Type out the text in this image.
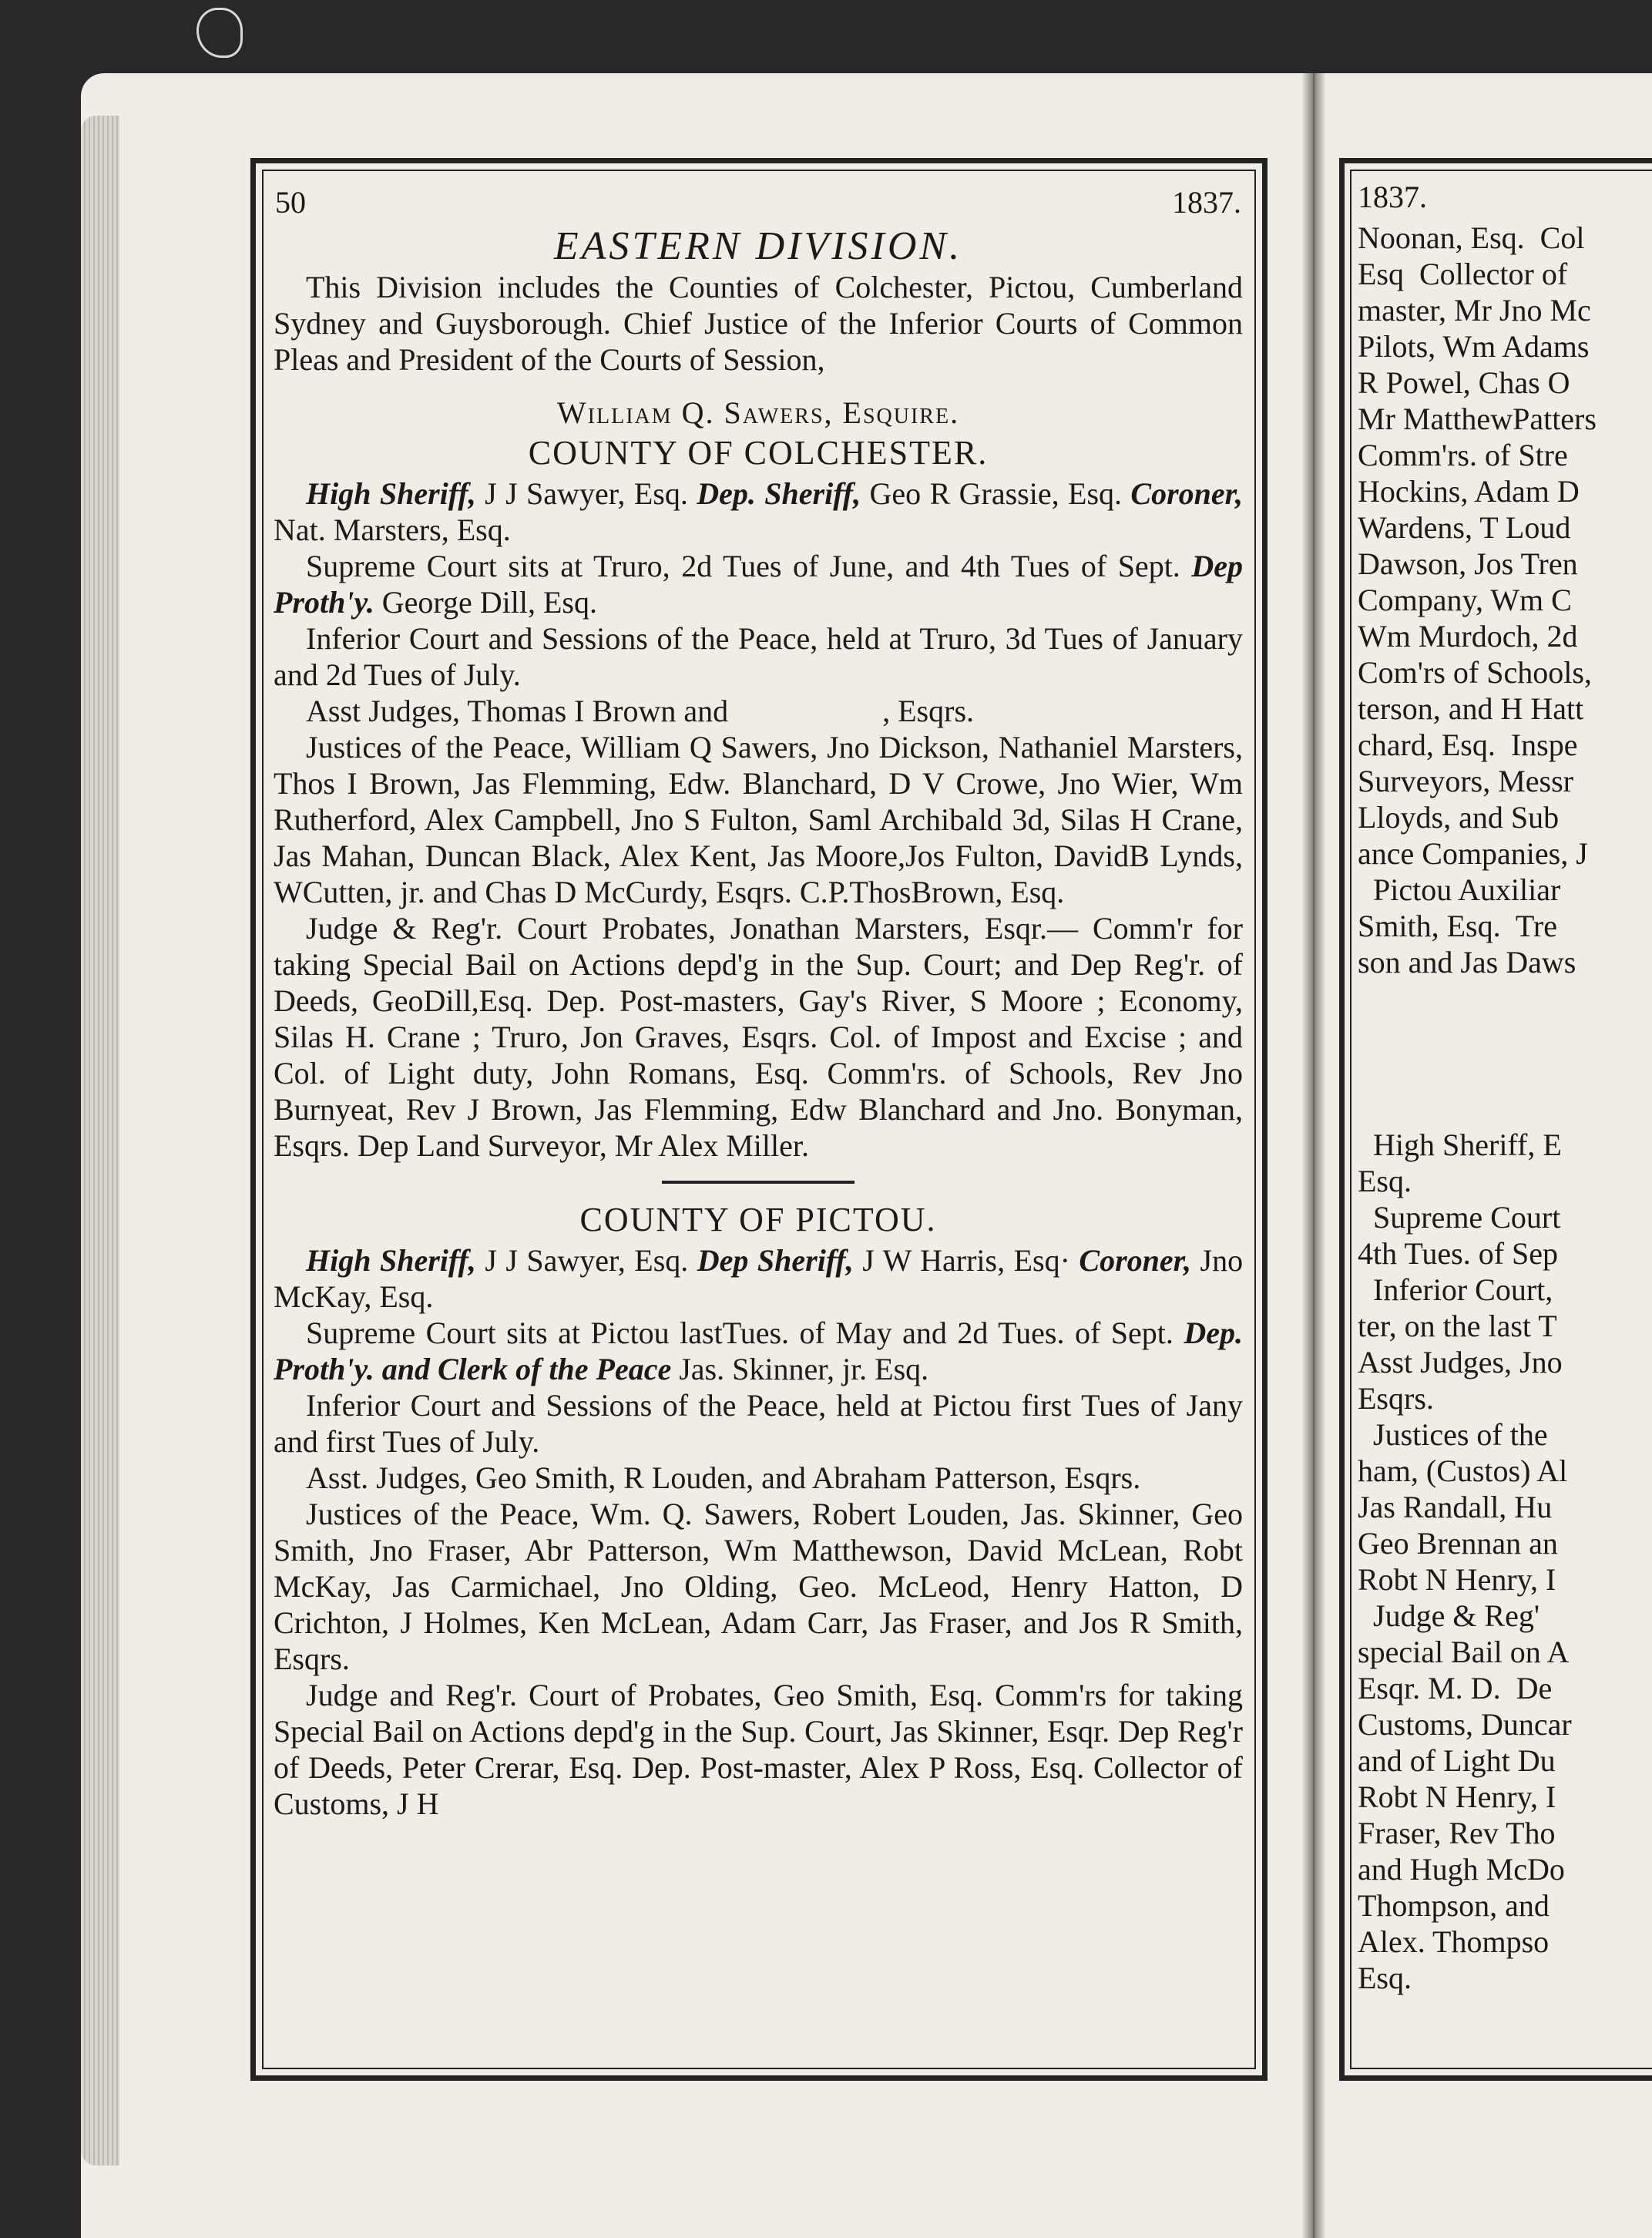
50	1837.
EASTERN DIVISION.

This Division includes the Counties of Colchester, Pictou, Cumberland Sydney and Guysborough. Chief Justice of the Inferior Courts of Common Pleas and President of the Courts of Session,

William Q. Sawers, Esquire.

COUNTY OF COLCHESTER.

High Sheriff, J J Sawyer, Esq. Dep. Sheriff, Geo R Grassie, Esq. Coroner, Nat. Marsters, Esq.

Supreme Court sits at Truro, 2d Tues of June, and 4th Tues of Sept. Dep Proth'y. George Dill, Esq.

Inferior Court and Sessions of the Peace, held at Truro, 3d Tues of January and 2d Tues of July.

Asst Judges, Thomas I Brown and                    , Esqrs.

Justices of the Peace, William Q Sawers, Jno Dickson, Nathaniel Marsters, Thos I Brown, Jas Flemming, Edw. Blanchard, D V Crowe, Jno Wier, Wm Rutherford, Alex Campbell, Jno S Fulton, Saml Archibald 3d, Silas H Crane, Jas Mahan, Duncan Black, Alex Kent, Jas Moore,Jos Fulton, DavidB Lynds, WCutten, jr. and Chas D McCurdy, Esqrs. C.P.ThosBrown, Esq.

Judge & Reg'r. Court Probates, Jonathan Marsters, Esqr.— Comm'r for taking Special Bail on Actions depd'g in the Sup. Court; and Dep Reg'r. of Deeds, GeoDill,Esq. Dep. Post-masters, Gay's River, S Moore ; Economy, Silas H. Crane ; Truro, Jon Graves, Esqrs. Col. of Impost and Excise ; and Col. of Light duty, John Romans, Esq. Comm'rs. of Schools, Rev Jno Burnyeat, Rev J Brown, Jas Flemming, Edw Blanchard and Jno. Bonyman, Esqrs. Dep Land Surveyor, Mr Alex Miller.

COUNTY OF PICTOU.

High Sheriff, J J Sawyer, Esq. Dep Sheriff, J W Harris, Esq· Coroner, Jno McKay, Esq.

Supreme Court sits at Pictou lastTues. of May and 2d Tues. of Sept. Dep. Proth'y. and Clerk of the Peace Jas. Skinner, jr. Esq.

Inferior Court and Sessions of the Peace, held at Pictou first Tues of Jany and first Tues of July.

Asst. Judges, Geo Smith, R Louden, and Abraham Patterson, Esqrs.

Justices of the Peace, Wm. Q. Sawers, Robert Louden, Jas. Skinner, Geo Smith, Jno Fraser, Abr Patterson, Wm Matthewson, David McLean, Robt McKay, Jas Carmichael, Jno Olding, Geo. McLeod, Henry Hatton, D Crichton, J Holmes, Ken McLean, Adam Carr, Jas Fraser, and Jos R Smith, Esqrs.

Judge and Reg'r. Court of Probates, Geo Smith, Esq. Comm'rs for taking Special Bail on Actions depd'g in the Sup. Court, Jas Skinner, Esqr. Dep Reg'r of Deeds, Peter Crerar, Esq. Dep. Post-master, Alex P Ross, Esq. Collector of Customs, J H

1837.
Noonan, Esq.  Col
Esq  Collector of
master, Mr Jno Mc
Pilots, Wm Adams
R Powel, Chas O
Mr MatthewPatters
Comm'rs. of Stre
Hockins, Adam D
Wardens, T Loud
Dawson, Jos Tren
Company, Wm C
Wm Murdoch, 2d
Com'rs of Schools,
terson, and H Hatt
chard, Esq.  Inspe
Surveyors, Messr
Lloyds, and Sub
ance Companies, J
Pictou Auxiliar
Smith, Esq.  Tre
son and Jas Daws
High Sheriff, E
Esq.
Supreme Court
4th Tues. of Sep
Inferior Court,
ter, on the last T
Asst Judges, Jno
Esqrs.
Justices of the
ham, (Custos) Al
Jas Randall, Hu
Geo Brennan an
Robt N Henry, I
Judge & Reg'
special Bail on A
Esqr. M. D.  De
Customs, Duncar
and of Light Du
Robt N Henry, I
Fraser, Rev Tho
and Hugh McDo
Thompson, and
Alex. Thompso
Esq.
